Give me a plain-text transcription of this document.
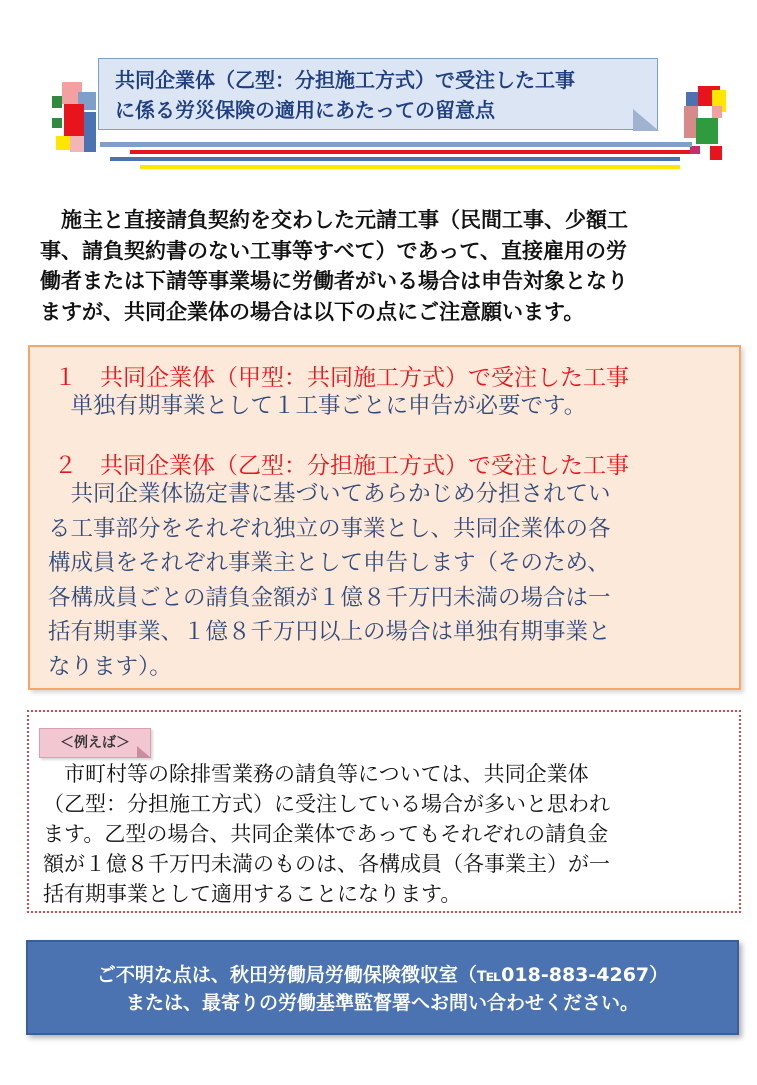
共同企業体（乙型：分担施工方式）で受注した工事
に係る労災保険の適用にあたっての留意点
　施主と直接請負契約を交わした元請工事（民間工事、少額工
事、請負契約書のない工事等すべて）であって、直接雇用の労
働者または下請等事業場に労働者がいる場合は申告対象となり
ますが、共同企業体の場合は以下の点にご注意願います。
１　共同企業体（甲型：共同施工方式）で受注した工事
　単独有期事業として１工事ごとに申告が必要です。
２　共同企業体（乙型：分担施工方式）で受注した工事
　共同企業体協定書に基づいてあらかじめ分担されてい
る工事部分をそれぞれ独立の事業とし、共同企業体の各
構成員をそれぞれ事業主として申告します（そのため、
各構成員ごとの請負金額が１億８千万円未満の場合は一
括有期事業、１億８千万円以上の場合は単独有期事業と
なります）。
＜例えば＞
　市町村等の除排雪業務の請負等については、共同企業体
（乙型：分担施工方式）に受注している場合が多いと思われ
ます。乙型の場合、共同企業体であってもそれぞれの請負金
額が１億８千万円未満のものは、各構成員（各事業主）が一
括有期事業として適用することになります。
ご不明な点は、秋田労働局労働保険徴収室（℡018-883-4267）
または、最寄りの労働基準監督署へお問い合わせください。
